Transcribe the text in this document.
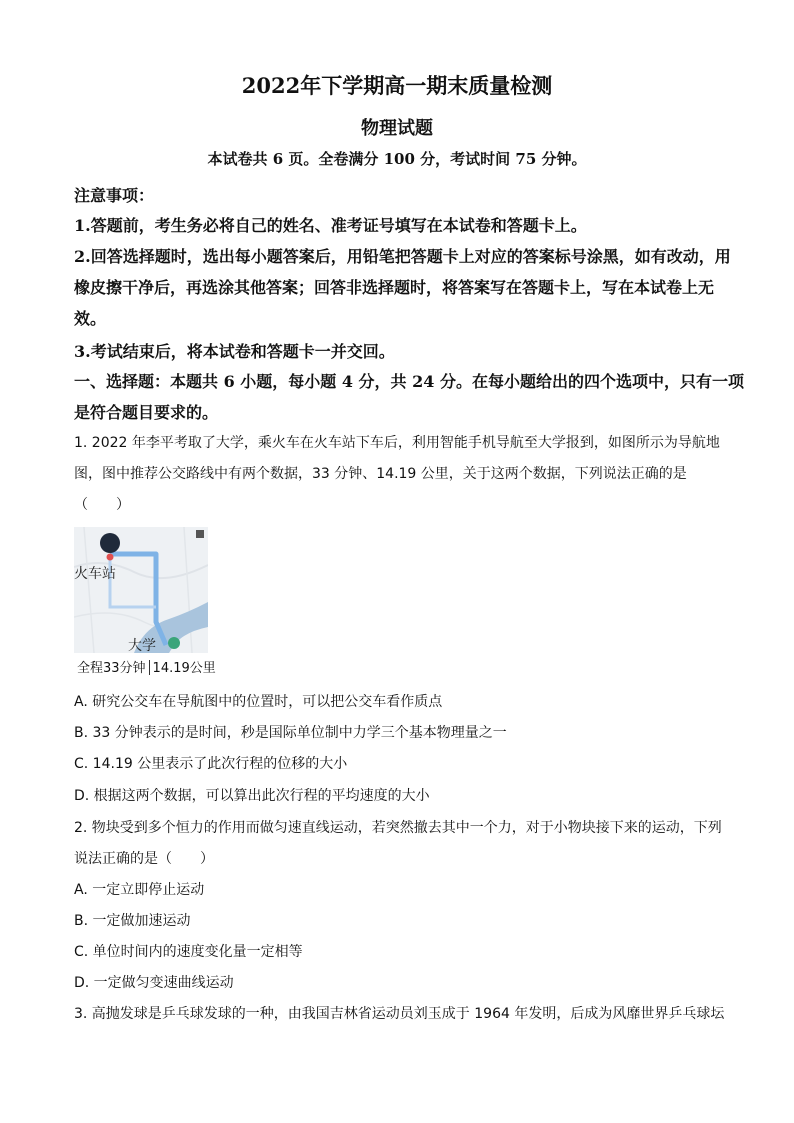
2022年下学期高一期末质量检测
物理试题
本试卷共 6 页。全卷满分 100 分，考试时间 75 分钟。
注意事项：
1.答题前，考生务必将自己的姓名、准考证号填写在本试卷和答题卡上。
2.回答选择题时，选出每小题答案后，用铅笔把答题卡上对应的答案标号涂黑，如有改动，用
橡皮擦干净后，再选涂其他答案；回答非选择题时，将答案写在答题卡上，写在本试卷上无
效。
3.考试结束后，将本试卷和答题卡一并交回。
一、选择题：本题共 6 小题，每小题 4 分，共 24 分。在每小题给出的四个选项中，只有一项
是符合题目要求的。
1. 2022 年李平考取了大学，乘火车在火车站下车后，利用智能手机导航至大学报到，如图所示为导航地
图，图中推荐公交路线中有两个数据，33 分钟、14.19 公里，关于这两个数据，下列说法正确的是
（　　）
火车站
大学
全程33分钟 14.19公里
A. 研究公交车在导航图中的位置时，可以把公交车看作质点
B. 33 分钟表示的是时间，秒是国际单位制中力学三个基本物理量之一
C. 14.19 公里表示了此次行程的位移的大小
D. 根据这两个数据，可以算出此次行程的平均速度的大小
2. 物块受到多个恒力的作用而做匀速直线运动，若突然撤去其中一个力，对于小物块接下来的运动，下列
说法正确的是（　　）
A. 一定立即停止运动
B. 一定做加速运动
C. 单位时间内的速度变化量一定相等
D. 一定做匀变速曲线运动
3. 高抛发球是乒乓球发球的一种，由我国吉林省运动员刘玉成于 1964 年发明，后成为风靡世界乒乓球坛
